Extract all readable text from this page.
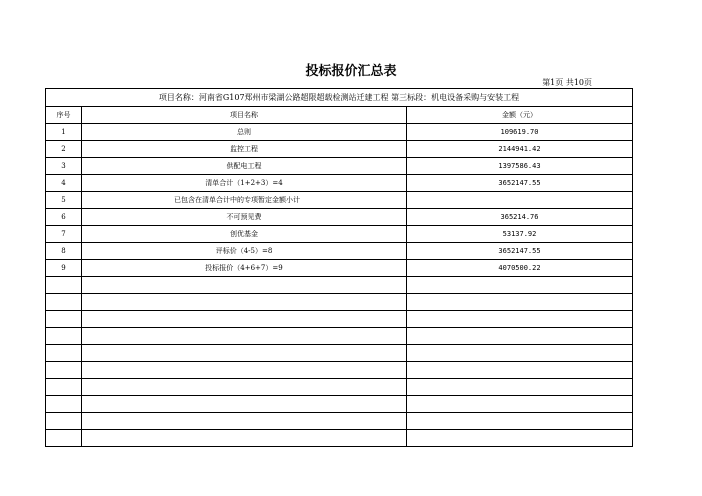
投标报价汇总表
第1页 共10页
项目名称：河南省G107郑州市梁湖公路超限超载检测站迁建工程 第三标段：机电设备采购与安装工程		
序号	项目名称	金额（元）
1	总则	109619.70
2	监控工程	2144941.42
3	供配电工程	1397586.43
4	清单合计（1+2+3）=4	3652147.55
5	已包含在清单合计中的专项暂定金额小计	
6	不可预见费	365214.76
7	创优基金	53137.92
8	评标价（4-5）=8	3652147.55
9	投标报价（4+6+7）=9	4070500.22
